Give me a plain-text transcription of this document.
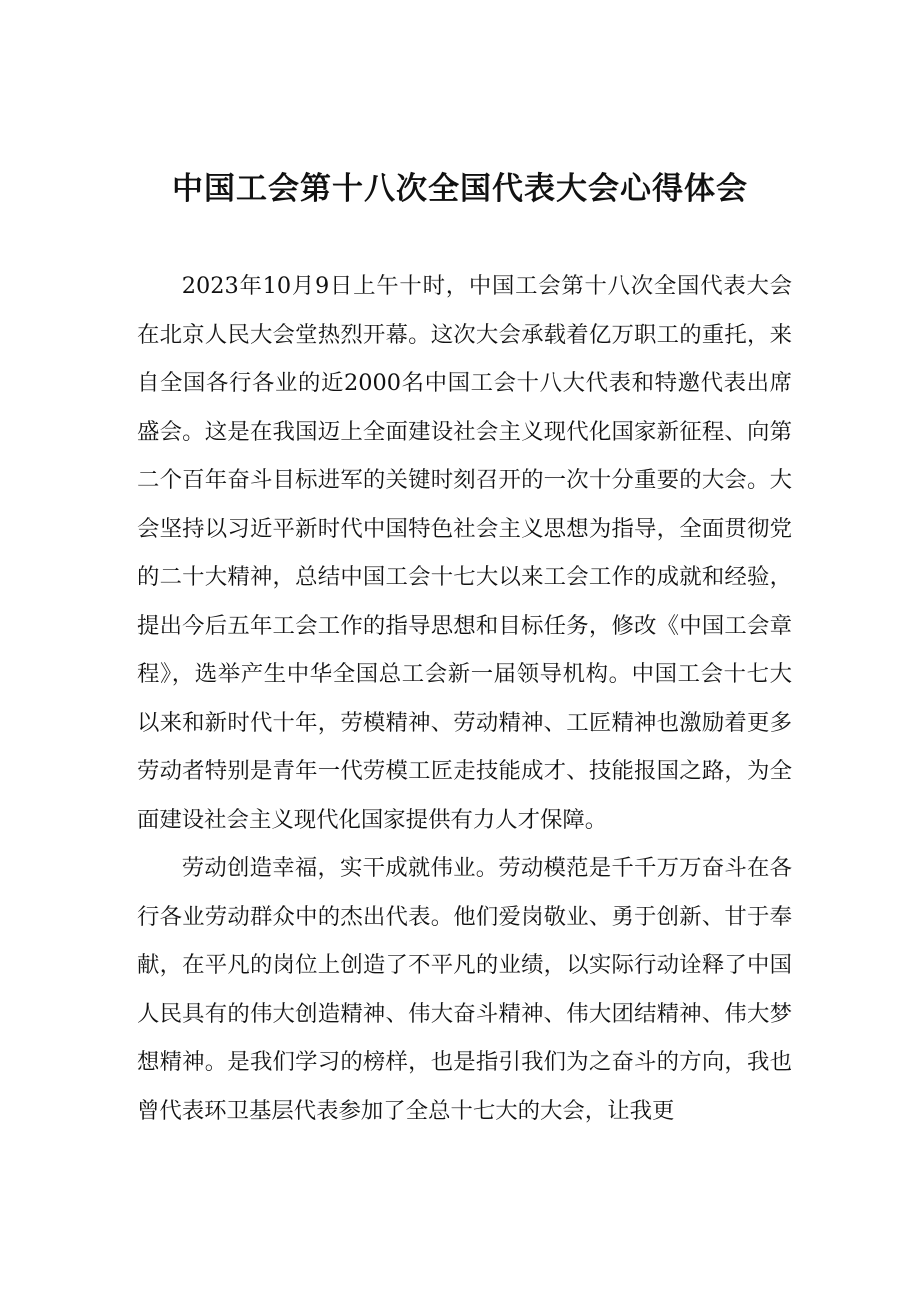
中国工会第十八次全国代表大会心得体会

2023年10月9日上午十时，中国工会第十八次全国代表大会在北京人民大会堂热烈开幕。这次大会承载着亿万职工的重托，来自全国各行各业的近2000名中国工会十八大代表和特邀代表出席盛会。这是在我国迈上全面建设社会主义现代化国家新征程、向第二个百年奋斗目标进军的关键时刻召开的一次十分重要的大会。大会坚持以习近平新时代中国特色社会主义思想为指导，全面贯彻党的二十大精神，总结中国工会十七大以来工会工作的成就和经验，提出今后五年工会工作的指导思想和目标任务，修改《中国工会章程》，选举产生中华全国总工会新一届领导机构。中国工会十七大以来和新时代十年，劳模精神、劳动精神、工匠精神也激励着更多劳动者特别是青年一代劳模工匠走技能成才、技能报国之路，为全面建设社会主义现代化国家提供有力人才保障。

劳动创造幸福，实干成就伟业。劳动模范是千千万万奋斗在各行各业劳动群众中的杰出代表。他们爱岗敬业、勇于创新、甘于奉献，在平凡的岗位上创造了不平凡的业绩，以实际行动诠释了中国人民具有的伟大创造精神、伟大奋斗精神、伟大团结精神、伟大梦想精神。是我们学习的榜样，也是指引我们为之奋斗的方向，我也曾代表环卫基层代表参加了全总十七大的大会，让我更
